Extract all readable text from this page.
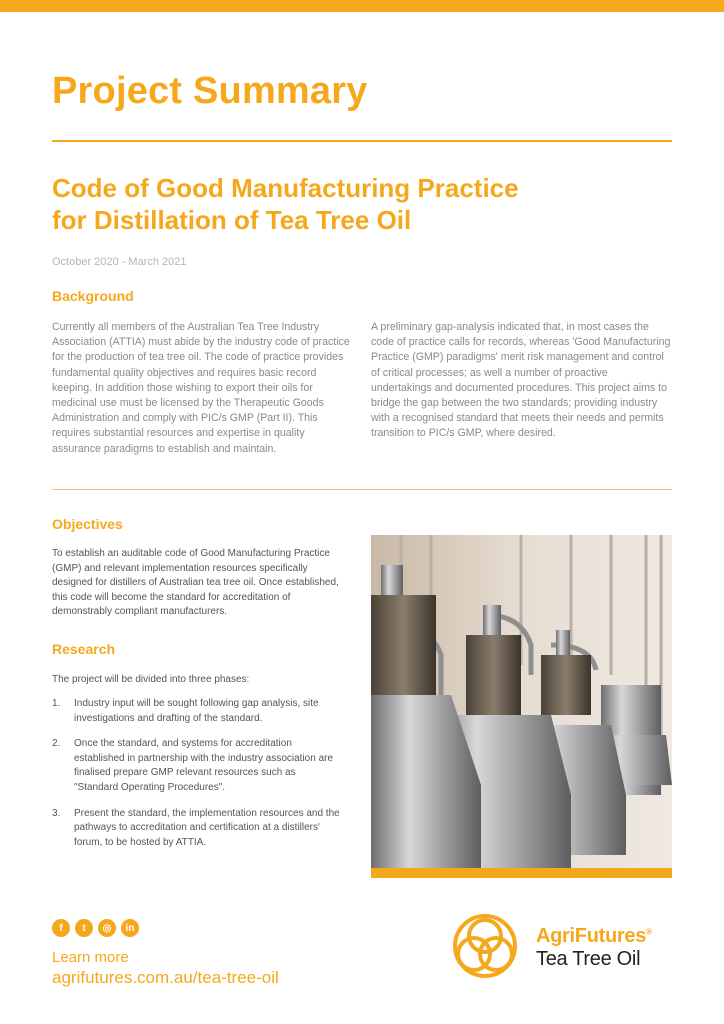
Project Summary
Code of Good Manufacturing Practice
for Distillation of Tea Tree Oil
October 2020 - March 2021
Background

Currently all members of the Australian Tea Tree Industry Association (ATTIA) must abide by the industry code of practice for the production of tea tree oil. The code of practice provides fundamental quality objectives and requires basic record keeping. In addition those wishing to export their oils for medicinal use must be licensed by the Therapeutic Goods Administration and comply with PIC/s GMP (Part II). This requires substantial resources and expertise in quality assurance paradigms to establish and maintain.

A preliminary gap-analysis indicated that, in most cases the code of practice calls for records, whereas 'Good Manufacturing Practice (GMP) paradigms' merit risk management and control of critical processes; as well a number of proactive undertakings and documented procedures. This project aims to bridge the gap between the two standards; providing industry with a recognised standard that meets their needs and permits transition to PIC/s GMP, where desired.

Objectives

To establish an auditable code of Good Manufacturing Practice (GMP) and relevant implementation resources specifically designed for distillers of Australian tea tree oil. Once established, this code will become the standard for accreditation of demonstrably compliant manufacturers.

Research

The project will be divided into three phases:

1.	Industry input will be sought following gap analysis, site investigations and drafting of the standard.
2.	Once the standard, and systems for accreditation established in partnership with the industry association are finalised prepare GMP relevant resources such as "Standard Operating Procedures".
3.	Present the standard, the implementation resources and the pathways to accreditation and certification at a distillers' forum, to be hosted by ATTIA.
f	t	◎	in
Learn more
agrifutures.com.au/tea-tree-oil
AgriFutures®
Tea Tree Oil
